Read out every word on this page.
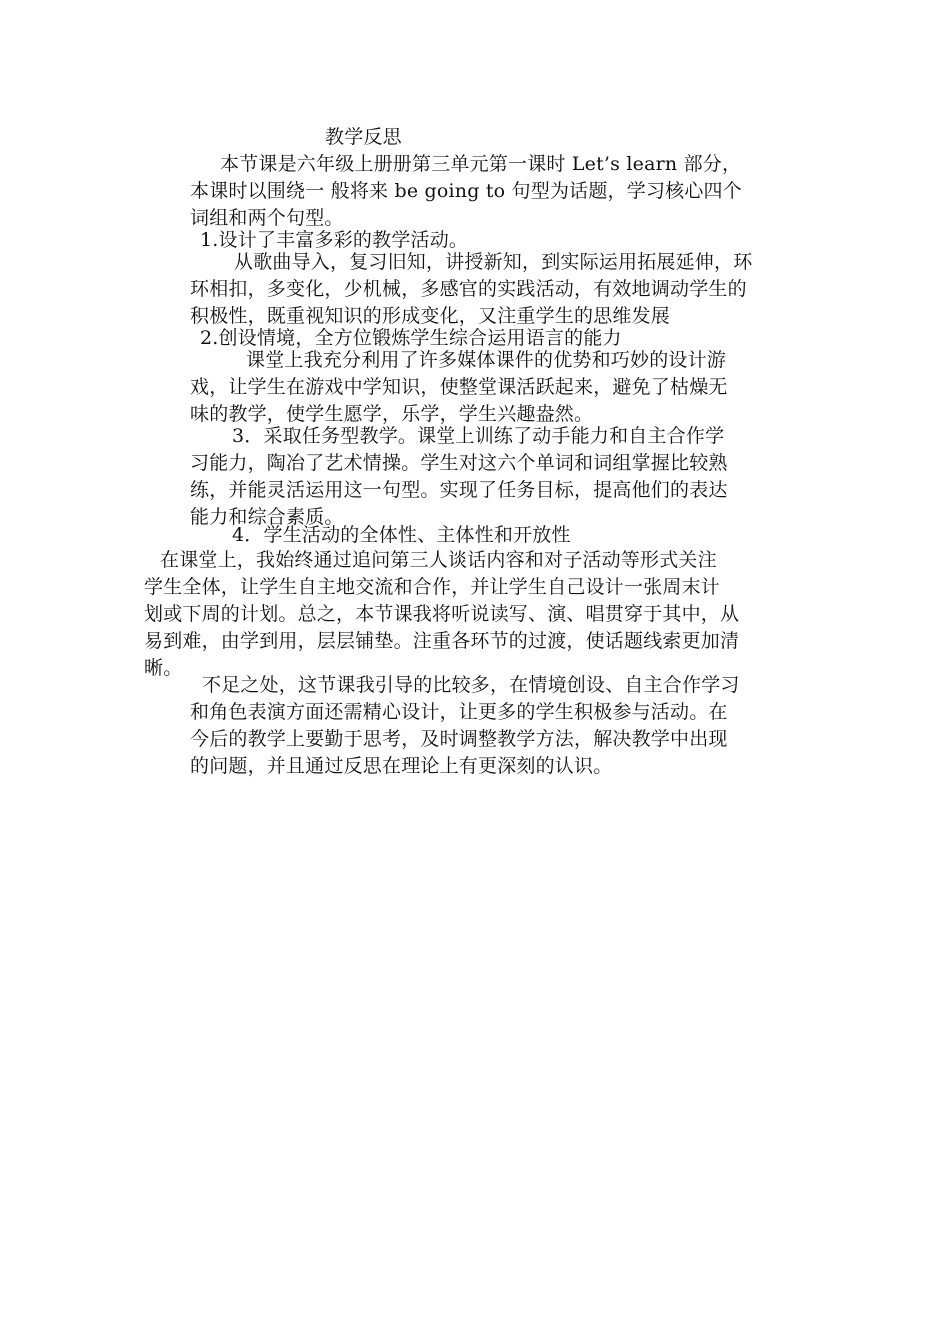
教学反思
本节课是六年级上册册第三单元第一课时 Let’s learn 部分，
本课时以围绕一 般将来 be going to 句型为话题，学习核心四个
词组和两个句型。
1.设计了丰富多彩的教学活动。
从歌曲导入，复习旧知，讲授新知，到实际运用拓展延伸，环
环相扣，多变化，少机械，多感官的实践活动，有效地调动学生的
积极性，既重视知识的形成变化，又注重学生的思维发展
2.创设情境，全方位锻炼学生综合运用语言的能力
课堂上我充分利用了许多媒体课件的优势和巧妙的设计游
戏，让学生在游戏中学知识，使整堂课活跃起来，避免了枯燥无
味的教学，使学生愿学，乐学，学生兴趣盎然。
3．采取任务型教学。课堂上训练了动手能力和自主合作学
习能力，陶冶了艺术情操。学生对这六个单词和词组掌握比较熟
练，并能灵活运用这一句型。实现了任务目标，提高他们的表达
能力和综合素质。
4．学生活动的全体性、主体性和开放性
在课堂上，我始终通过追问第三人谈话内容和对子活动等形式关注
学生全体，让学生自主地交流和合作，并让学生自己设计一张周末计
划或下周的计划。总之，本节课我将听说读写、演、唱贯穿于其中，从
易到难，由学到用，层层铺垫。注重各环节的过渡，使话题线索更加清
晰。
不足之处，这节课我引导的比较多，在情境创设、自主合作学习
和角色表演方面还需精心设计，让更多的学生积极参与活动。在
今后的教学上要勤于思考，及时调整教学方法，解决教学中出现
的问题，并且通过反思在理论上有更深刻的认识。
